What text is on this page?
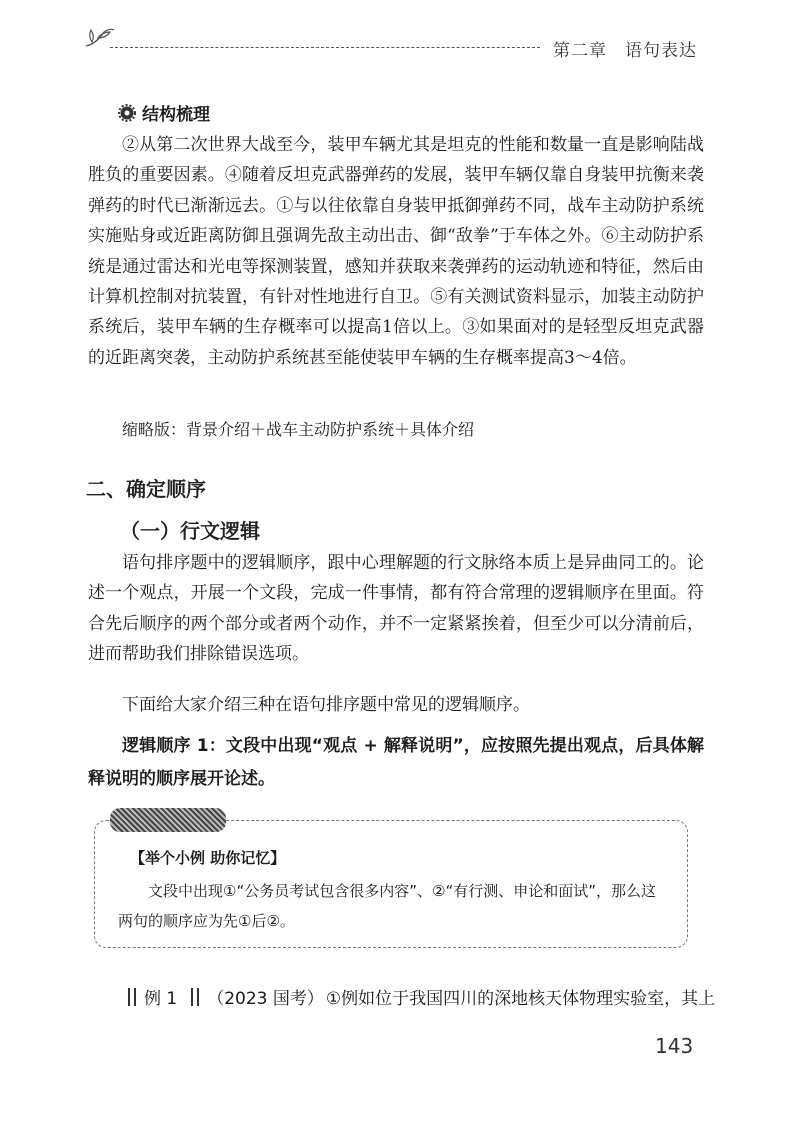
第二章 语句表达
结构梳理

②从第二次世界大战至今，装甲车辆尤其是坦克的性能和数量一直是影响陆战胜负的重要因素。④随着反坦克武器弹药的发展，装甲车辆仅靠自身装甲抗衡来袭弹药的时代已渐渐远去。①与以往依靠自身装甲抵御弹药不同，战车主动防护系统实施贴身或近距离防御且强调先敌主动出击、御“敌拳”于车体之外。⑥主动防护系统是通过雷达和光电等探测装置，感知并获取来袭弹药的运动轨迹和特征，然后由计算机控制对抗装置，有针对性地进行自卫。⑤有关测试资料显示，加装主动防护系统后，装甲车辆的生存概率可以提高1倍以上。③如果面对的是轻型反坦克武器的近距离突袭，主动防护系统甚至能使装甲车辆的生存概率提高3～4倍。

缩略版：背景介绍＋战车主动防护系统＋具体介绍

二、确定顺序
（一）行文逻辑

语句排序题中的逻辑顺序，跟中心理解题的行文脉络本质上是异曲同工的。论述一个观点，开展一个文段，完成一件事情，都有符合常理的逻辑顺序在里面。符合先后顺序的两个部分或者两个动作，并不一定紧紧挨着，但至少可以分清前后，进而帮助我们排除错误选项。

下面给大家介绍三种在语句排序题中常见的逻辑顺序。

逻辑顺序 1：文段中出现“观点 + 解释说明”，应按照先提出观点，后具体解释说明的顺序展开论述。

【举个小例 助你记忆】

文段中出现①“公务员考试包含很多内容”、②“有行测、申论和面试”，那么这两句的顺序应为先①后②。

例 1 （2023 国考） ①例如位于我国四川的深地核天体物理实验室，其上

143
